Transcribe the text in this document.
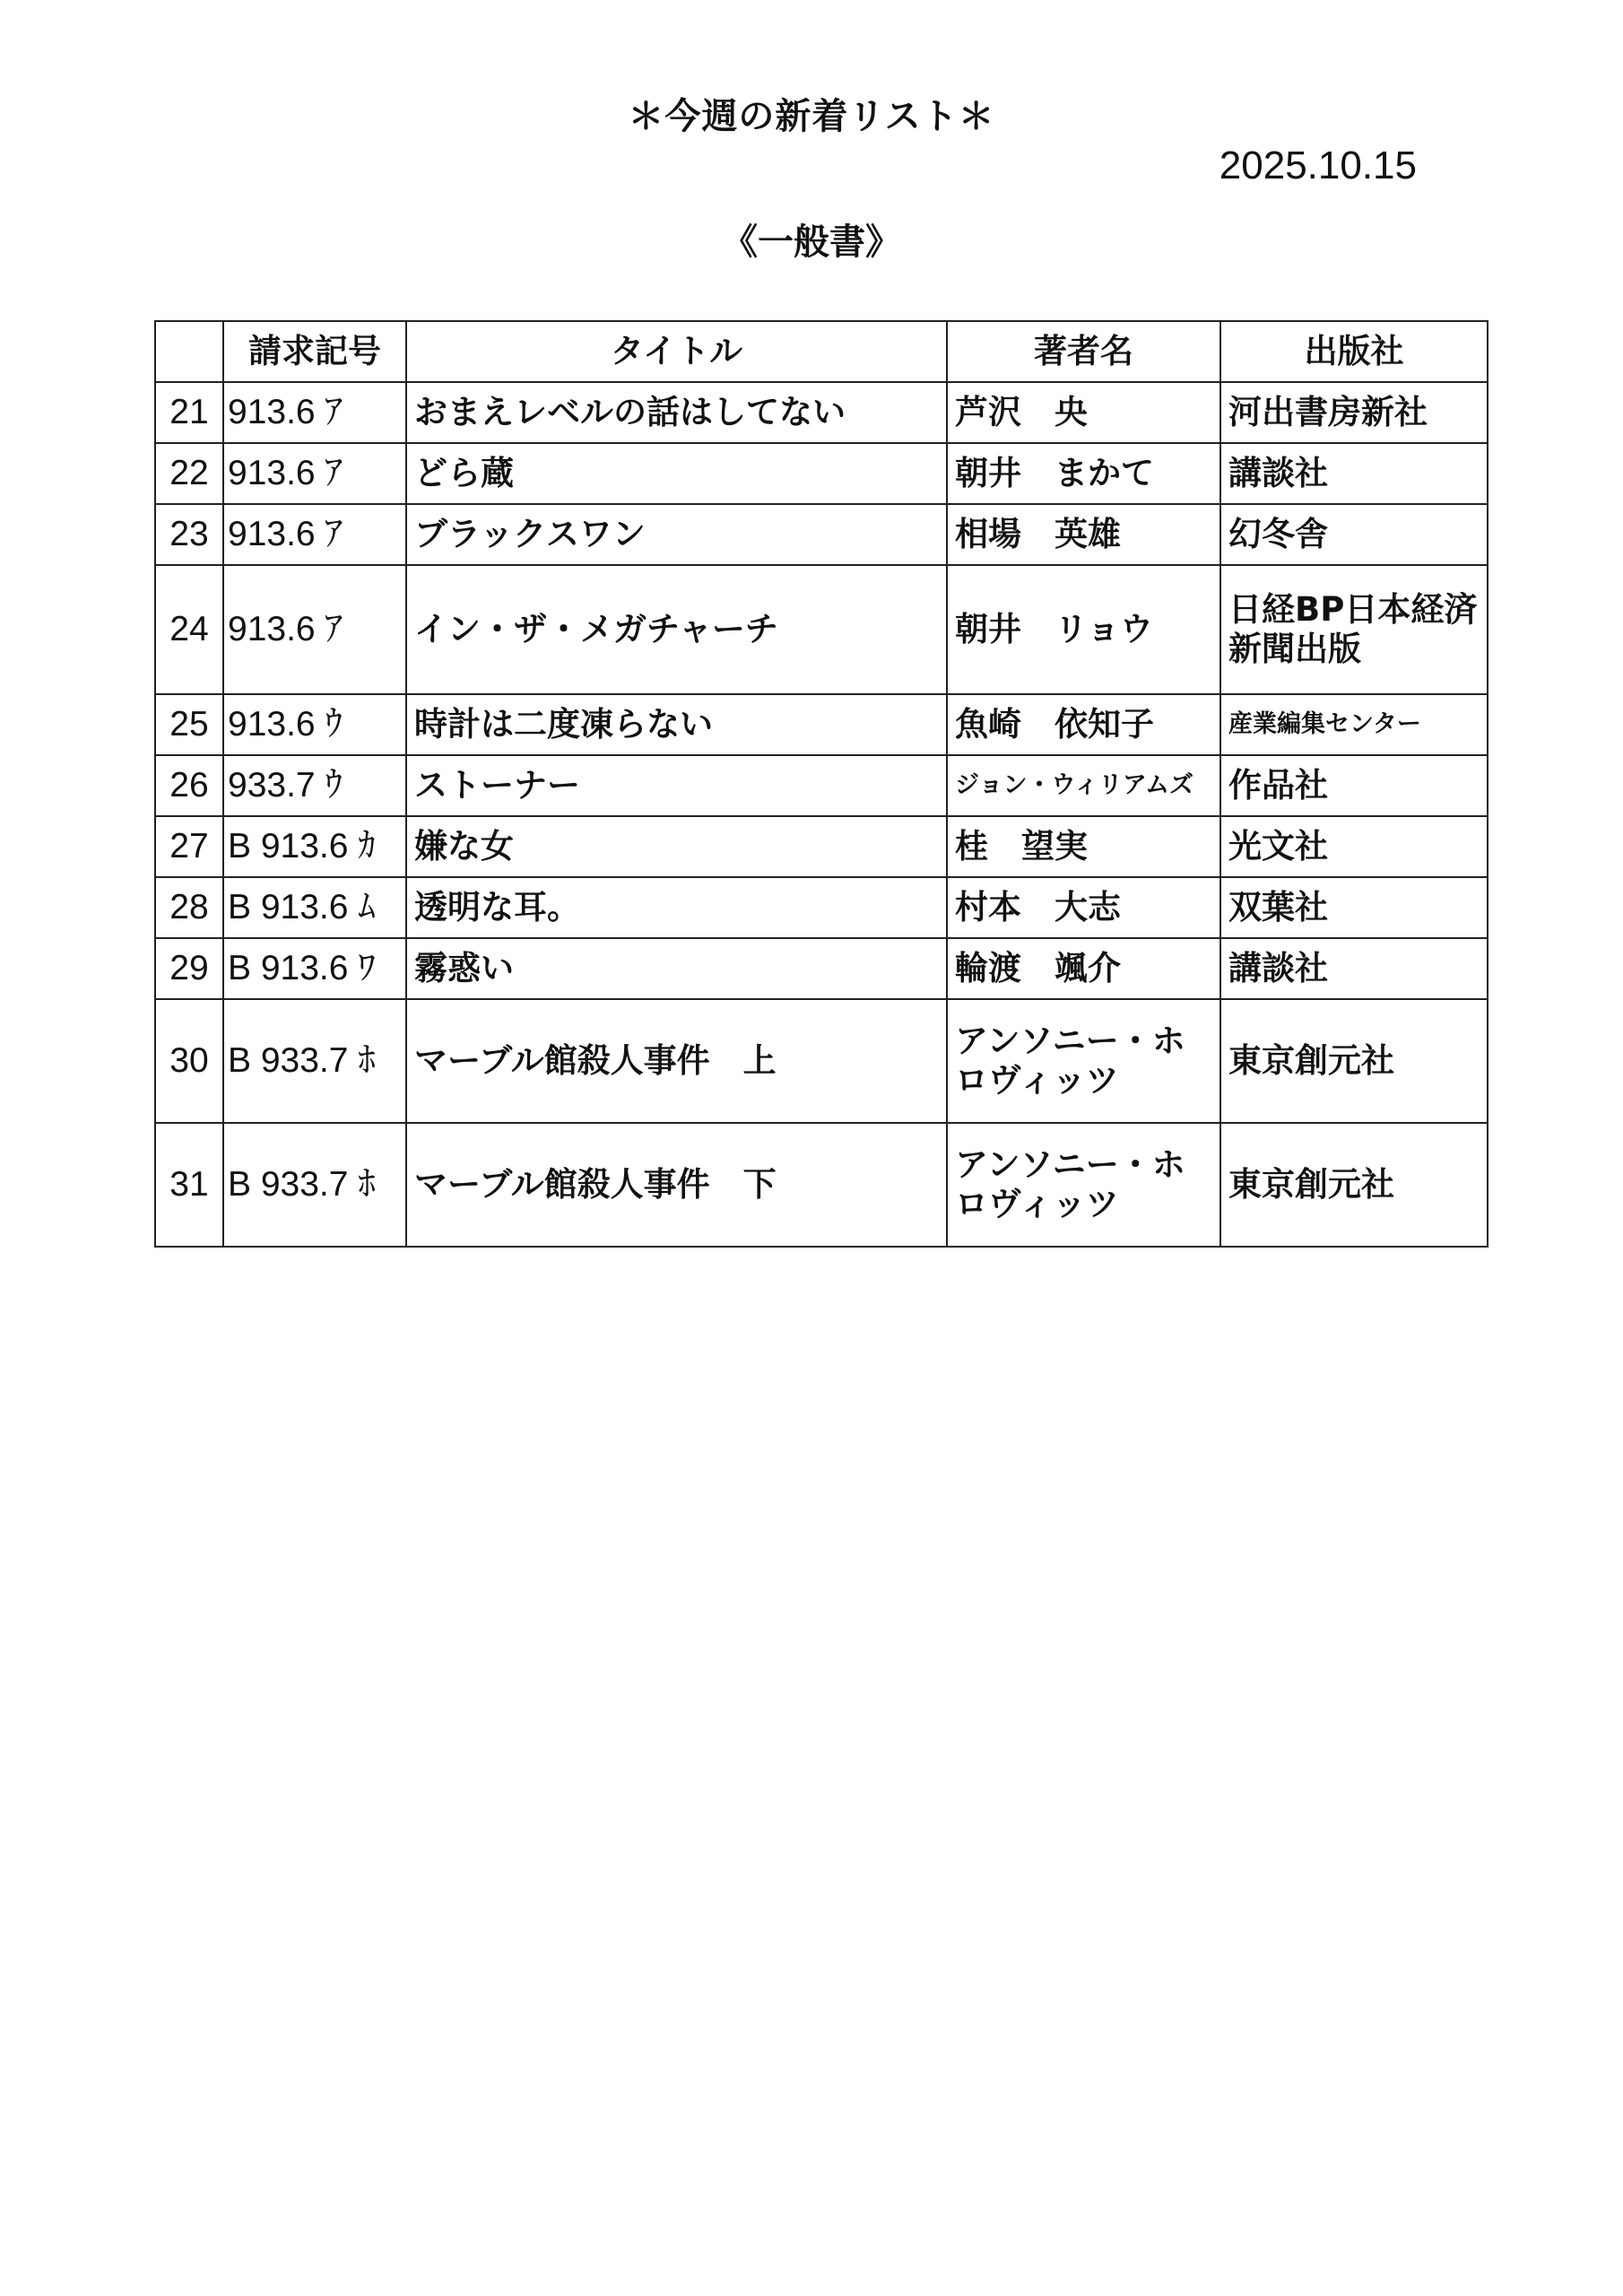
＊今週の新着リスト＊
2025.10.15
《一般書》
	請求記号	タイトル	著者名	出版社
21	913.6 ｱ	おまえレベルの話はしてない	芦沢　央	河出書房新社
22	913.6 ｱ	どら蔵	朝井　まかて	講談社
23	913.6 ｱ	ブラックスワン	相場　英雄	幻冬舎
24	913.6 ｱ	イン・ザ・メガチャーチ	朝井　リョウ	日経BP日本経済新聞出版
25	913.6 ｳ	時計は二度凍らない	魚崎　依知子	産業編集センター
26	933.7 ｳ	ストーナー	ジョン・ウィリアムズ	作品社
27	B 913.6 ｶ	嫌な女	桂　望実	光文社
28	B 913.6 ﾑ	透明な耳。	村本　大志	双葉社
29	B 913.6 ﾜ	霧惑い	輪渡　颯介	講談社
30	B 933.7 ﾎ	マーブル館殺人事件　上	アンソニー・ホロヴィッツ	東京創元社
31	B 933.7 ﾎ	マーブル館殺人事件　下	アンソニー・ホロヴィッツ	東京創元社
